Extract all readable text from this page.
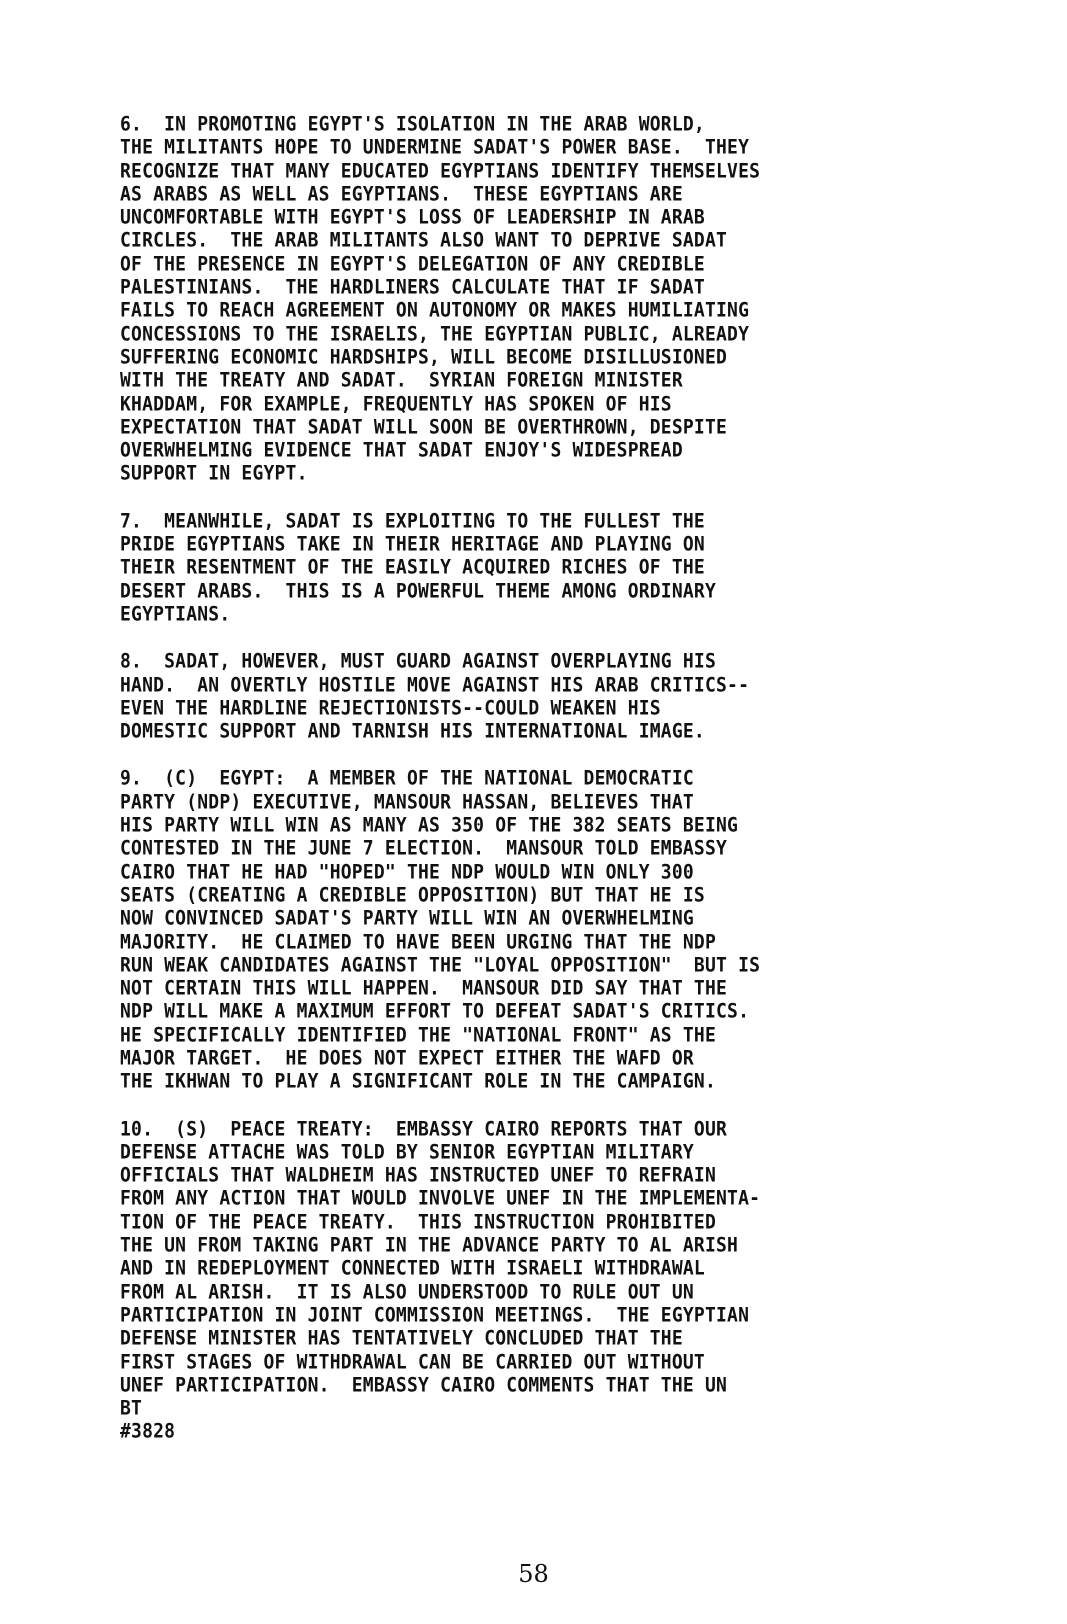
6.  IN PROMOTING EGYPT'S ISOLATION IN THE ARAB WORLD,
THE MILITANTS HOPE TO UNDERMINE SADAT'S POWER BASE.  THEY
RECOGNIZE THAT MANY EDUCATED EGYPTIANS IDENTIFY THEMSELVES
AS ARABS AS WELL AS EGYPTIANS.  THESE EGYPTIANS ARE
UNCOMFORTABLE WITH EGYPT'S LOSS OF LEADERSHIP IN ARAB
CIRCLES.  THE ARAB MILITANTS ALSO WANT TO DEPRIVE SADAT
OF THE PRESENCE IN EGYPT'S DELEGATION OF ANY CREDIBLE
PALESTINIANS.  THE HARDLINERS CALCULATE THAT IF SADAT
FAILS TO REACH AGREEMENT ON AUTONOMY OR MAKES HUMILIATING
CONCESSIONS TO THE ISRAELIS, THE EGYPTIAN PUBLIC, ALREADY
SUFFERING ECONOMIC HARDSHIPS, WILL BECOME DISILLUSIONED
WITH THE TREATY AND SADAT.  SYRIAN FOREIGN MINISTER
KHADDAM, FOR EXAMPLE, FREQUENTLY HAS SPOKEN OF HIS
EXPECTATION THAT SADAT WILL SOON BE OVERTHROWN, DESPITE
OVERWHELMING EVIDENCE THAT SADAT ENJOY'S WIDESPREAD
SUPPORT IN EGYPT.
7.  MEANWHILE, SADAT IS EXPLOITING TO THE FULLEST THE
PRIDE EGYPTIANS TAKE IN THEIR HERITAGE AND PLAYING ON
THEIR RESENTMENT OF THE EASILY ACQUIRED RICHES OF THE
DESERT ARABS.  THIS IS A POWERFUL THEME AMONG ORDINARY
EGYPTIANS.
8.  SADAT, HOWEVER, MUST GUARD AGAINST OVERPLAYING HIS
HAND.  AN OVERTLY HOSTILE MOVE AGAINST HIS ARAB CRITICS--
EVEN THE HARDLINE REJECTIONISTS--COULD WEAKEN HIS
DOMESTIC SUPPORT AND TARNISH HIS INTERNATIONAL IMAGE.
9.  (C)  EGYPT:  A MEMBER OF THE NATIONAL DEMOCRATIC
PARTY (NDP) EXECUTIVE, MANSOUR HASSAN, BELIEVES THAT
HIS PARTY WILL WIN AS MANY AS 350 OF THE 382 SEATS BEING
CONTESTED IN THE JUNE 7 ELECTION.  MANSOUR TOLD EMBASSY
CAIRO THAT HE HAD "HOPED" THE NDP WOULD WIN ONLY 300
SEATS (CREATING A CREDIBLE OPPOSITION) BUT THAT HE IS
NOW CONVINCED SADAT'S PARTY WILL WIN AN OVERWHELMING
MAJORITY.  HE CLAIMED TO HAVE BEEN URGING THAT THE NDP
RUN WEAK CANDIDATES AGAINST THE "LOYAL OPPOSITION"  BUT IS
NOT CERTAIN THIS WILL HAPPEN.  MANSOUR DID SAY THAT THE
NDP WILL MAKE A MAXIMUM EFFORT TO DEFEAT SADAT'S CRITICS.
HE SPECIFICALLY IDENTIFIED THE "NATIONAL FRONT" AS THE
MAJOR TARGET.  HE DOES NOT EXPECT EITHER THE WAFD OR
THE IKHWAN TO PLAY A SIGNIFICANT ROLE IN THE CAMPAIGN.
10.  (S)  PEACE TREATY:  EMBASSY CAIRO REPORTS THAT OUR
DEFENSE ATTACHE WAS TOLD BY SENIOR EGYPTIAN MILITARY
OFFICIALS THAT WALDHEIM HAS INSTRUCTED UNEF TO REFRAIN
FROM ANY ACTION THAT WOULD INVOLVE UNEF IN THE IMPLEMENTA-
TION OF THE PEACE TREATY.  THIS INSTRUCTION PROHIBITED
THE UN FROM TAKING PART IN THE ADVANCE PARTY TO AL ARISH
AND IN REDEPLOYMENT CONNECTED WITH ISRAELI WITHDRAWAL
FROM AL ARISH.  IT IS ALSO UNDERSTOOD TO RULE OUT UN
PARTICIPATION IN JOINT COMMISSION MEETINGS.  THE EGYPTIAN
DEFENSE MINISTER HAS TENTATIVELY CONCLUDED THAT THE
FIRST STAGES OF WITHDRAWAL CAN BE CARRIED OUT WITHOUT
UNEF PARTICIPATION.  EMBASSY CAIRO COMMENTS THAT THE UN
BT
#3828
58
